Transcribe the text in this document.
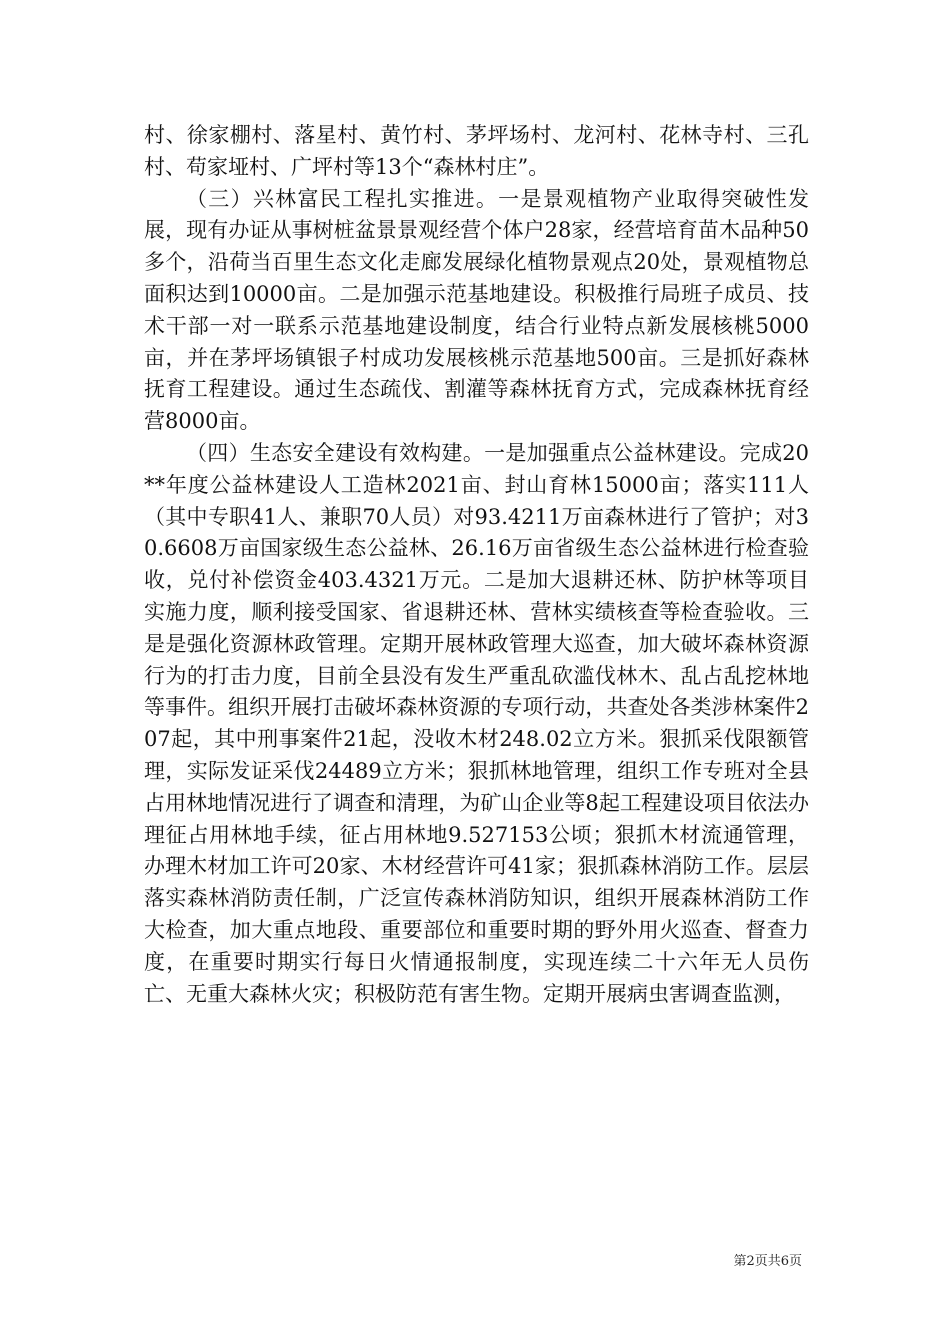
村、徐家棚村、落星村、黄竹村、茅坪场村、龙河村、花林寺村、三孔村、苟家垭村、广坪村等13个“森林村庄”。

（三）兴林富民工程扎实推进。一是景观植物产业取得突破性发展，现有办证从事树桩盆景景观经营个体户28家，经营培育苗木品种50多个，沿荷当百里生态文化走廊发展绿化植物景观点20处，景观植物总面积达到10000亩。二是加强示范基地建设。积极推行局班子成员、技术干部一对一联系示范基地建设制度，结合行业特点新发展核桃5000亩，并在茅坪场镇银子村成功发展核桃示范基地500亩。三是抓好森林抚育工程建设。通过生态疏伐、割灌等森林抚育方式，完成森林抚育经营8000亩。

（四）生态安全建设有效构建。一是加强重点公益林建设。完成20**年度公益林建设人工造林2021亩、封山育林15000亩；落实111人（其中专职41人、兼职70人员）对93.4211万亩森林进行了管护；对30.6608万亩国家级生态公益林、26.16万亩省级生态公益林进行检查验收，兑付补偿资金403.4321万元。二是加大退耕还林、防护林等项目实施力度，顺利接受国家、省退耕还林、营林实绩核查等检查验收。三是是强化资源林政管理。定期开展林政管理大巡查，加大破坏森林资源行为的打击力度，目前全县没有发生严重乱砍滥伐林木、乱占乱挖林地等事件。组织开展打击破坏森林资源的专项行动，共查处各类涉林案件207起，其中刑事案件21起，没收木材248.02立方米。狠抓采伐限额管理，实际发证采伐24489立方米；狠抓林地管理，组织工作专班对全县占用林地情况进行了调查和清理，为矿山企业等8起工程建设项目依法办理征占用林地手续，征占用林地9.527153公顷；狠抓木材流通管理，办理木材加工许可20家、木材经营许可41家；狠抓森林消防工作。层层落实森林消防责任制，广泛宣传森林消防知识，组织开展森林消防工作大检查，加大重点地段、重要部位和重要时期的野外用火巡查、督查力度，在重要时期实行每日火情通报制度，实现连续二十六年无人员伤亡、无重大森林火灾；积极防范有害生物。定期开展病虫害调查监测，

第2页共6页
